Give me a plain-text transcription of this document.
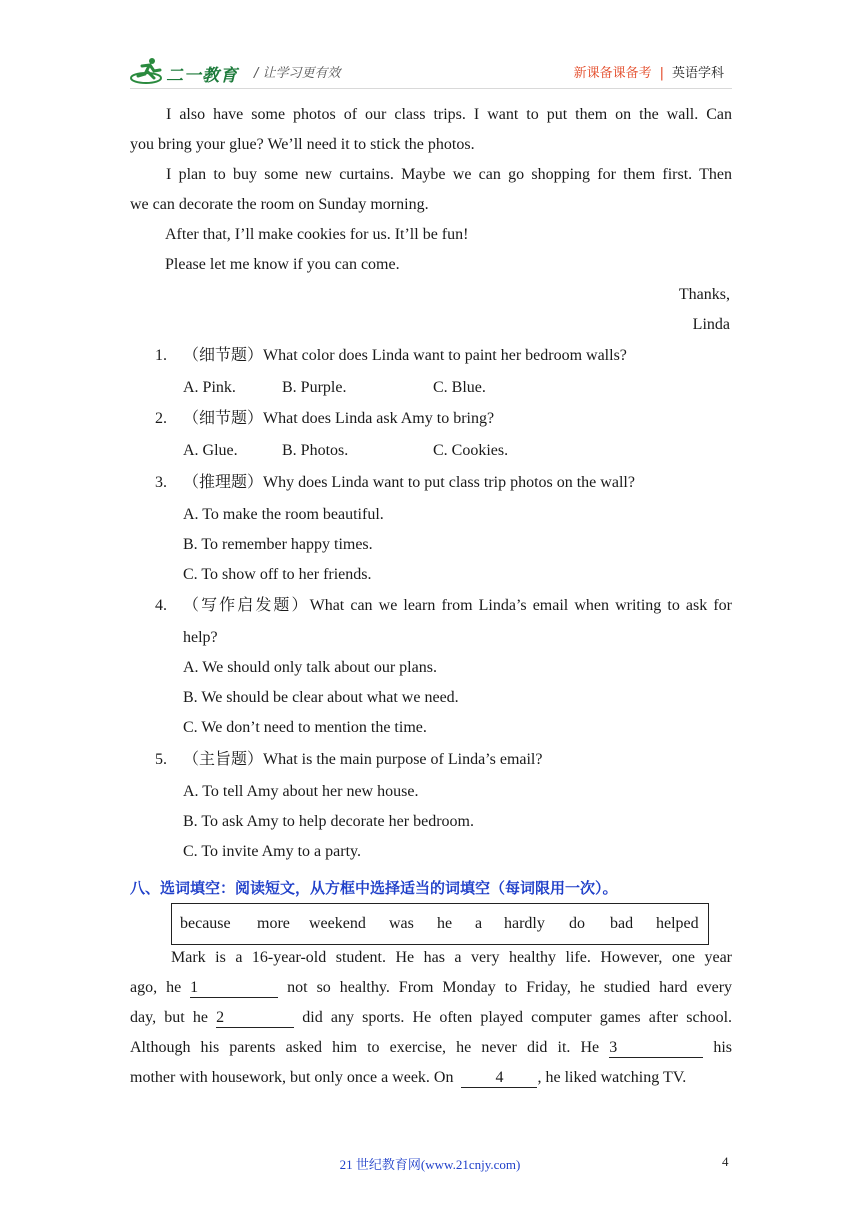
二一教育 / 让学习更有效	新课备课备考 | 英语学科
I also have some photos of our class trips. I want to put them on the wall. Can
you bring your glue? We’ll need it to stick the photos.
I plan to buy some new curtains. Maybe we can go shopping for them first. Then
we can decorate the room on Sunday morning.
After that, I’ll make cookies for us. It’ll be fun!
Please let me know if you can come.
Thanks,
Linda
1. （细节题）What color does Linda want to paint her bedroom walls?
A. Pink.	B. Purple.	C. Blue.
2. （细节题）What does Linda ask Amy to bring?
A. Glue.	B. Photos.	C. Cookies.
3. （推理题）Why does Linda want to put class trip photos on the wall?
A. To make the room beautiful.
B. To remember happy times.
C. To show off to her friends.
4. （写作启发题）What can we learn from Linda’s email when writing to ask for
help?
A. We should only talk about our plans.
B. We should be clear about what we need.
C. We don’t need to mention the time.
5. （主旨题）What is the main purpose of Linda’s email?
A. To tell Amy about her new house.
B. To ask Amy to help decorate her bedroom.
C. To invite Amy to a party.
八、选词填空：阅读短文，从方框中选择适当的词填空（每词限用一次）。
because more weekend was he a hardly do bad helped
Mark is a 16-year-old student. He has a very healthy life. However, one year
ago, he 1	not so healthy. From Monday to Friday, he studied hard every
day, but he 2	did any sports. He often played computer games after school.
Although his parents asked him to exercise, he never did it. He 3	his
mother with housework, but only once a week. On	4 , he liked watching TV.
21 世纪教育网(www.21cnjy.com)	4
